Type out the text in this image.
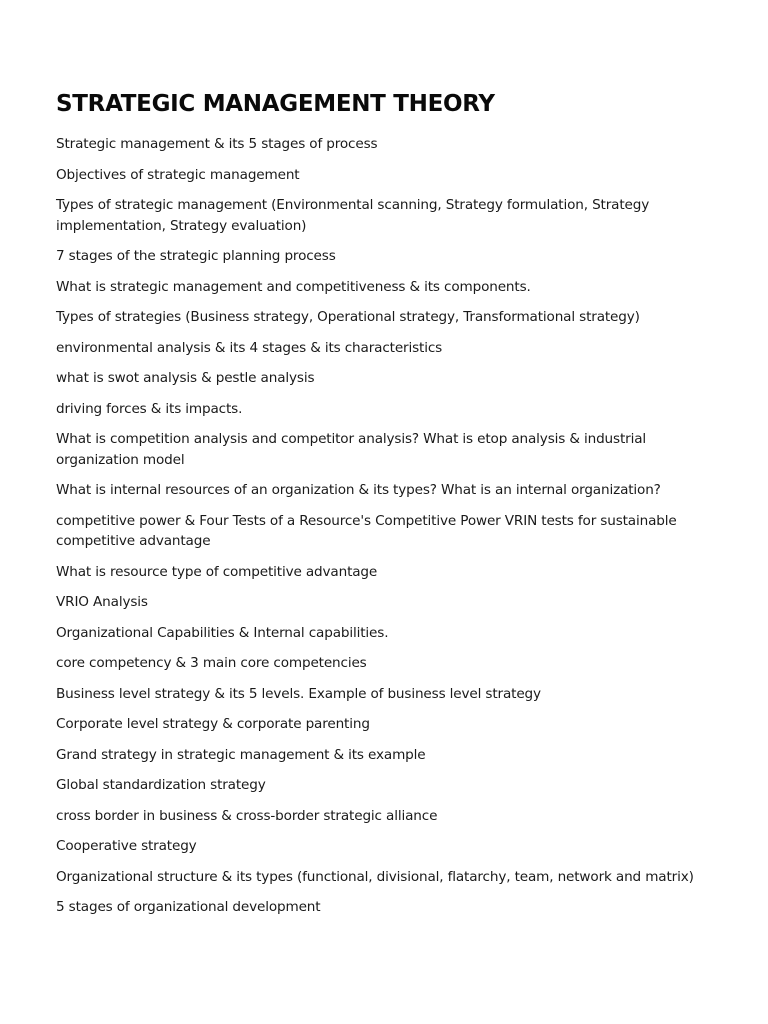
STRATEGIC MANAGEMENT THEORY
Strategic management & its 5 stages of process
Objectives of strategic management
Types of strategic management (Environmental scanning, Strategy formulation, Strategy implementation, Strategy evaluation)
7 stages of the strategic planning process
What is strategic management and competitiveness & its components.
Types of strategies (Business strategy, Operational strategy, Transformational strategy)
environmental analysis & its 4 stages & its characteristics
what is swot analysis & pestle analysis
driving forces & its impacts.
What is competition analysis and competitor analysis? What is etop analysis & industrial organization model
What is internal resources of an organization & its types? What is an internal organization?
competitive power & Four Tests of a Resource's Competitive Power VRIN tests for sustainable competitive advantage
What is resource type of competitive advantage
VRIO Analysis
Organizational Capabilities & Internal capabilities.
core competency & 3 main core competencies
Business level strategy & its 5 levels. Example of business level strategy
Corporate level strategy & corporate parenting
Grand strategy in strategic management & its example
Global standardization strategy
cross border in business & cross-border strategic alliance
Cooperative strategy
Organizational structure & its types (functional, divisional, flatarchy, team, network and matrix)
5 stages of organizational development
